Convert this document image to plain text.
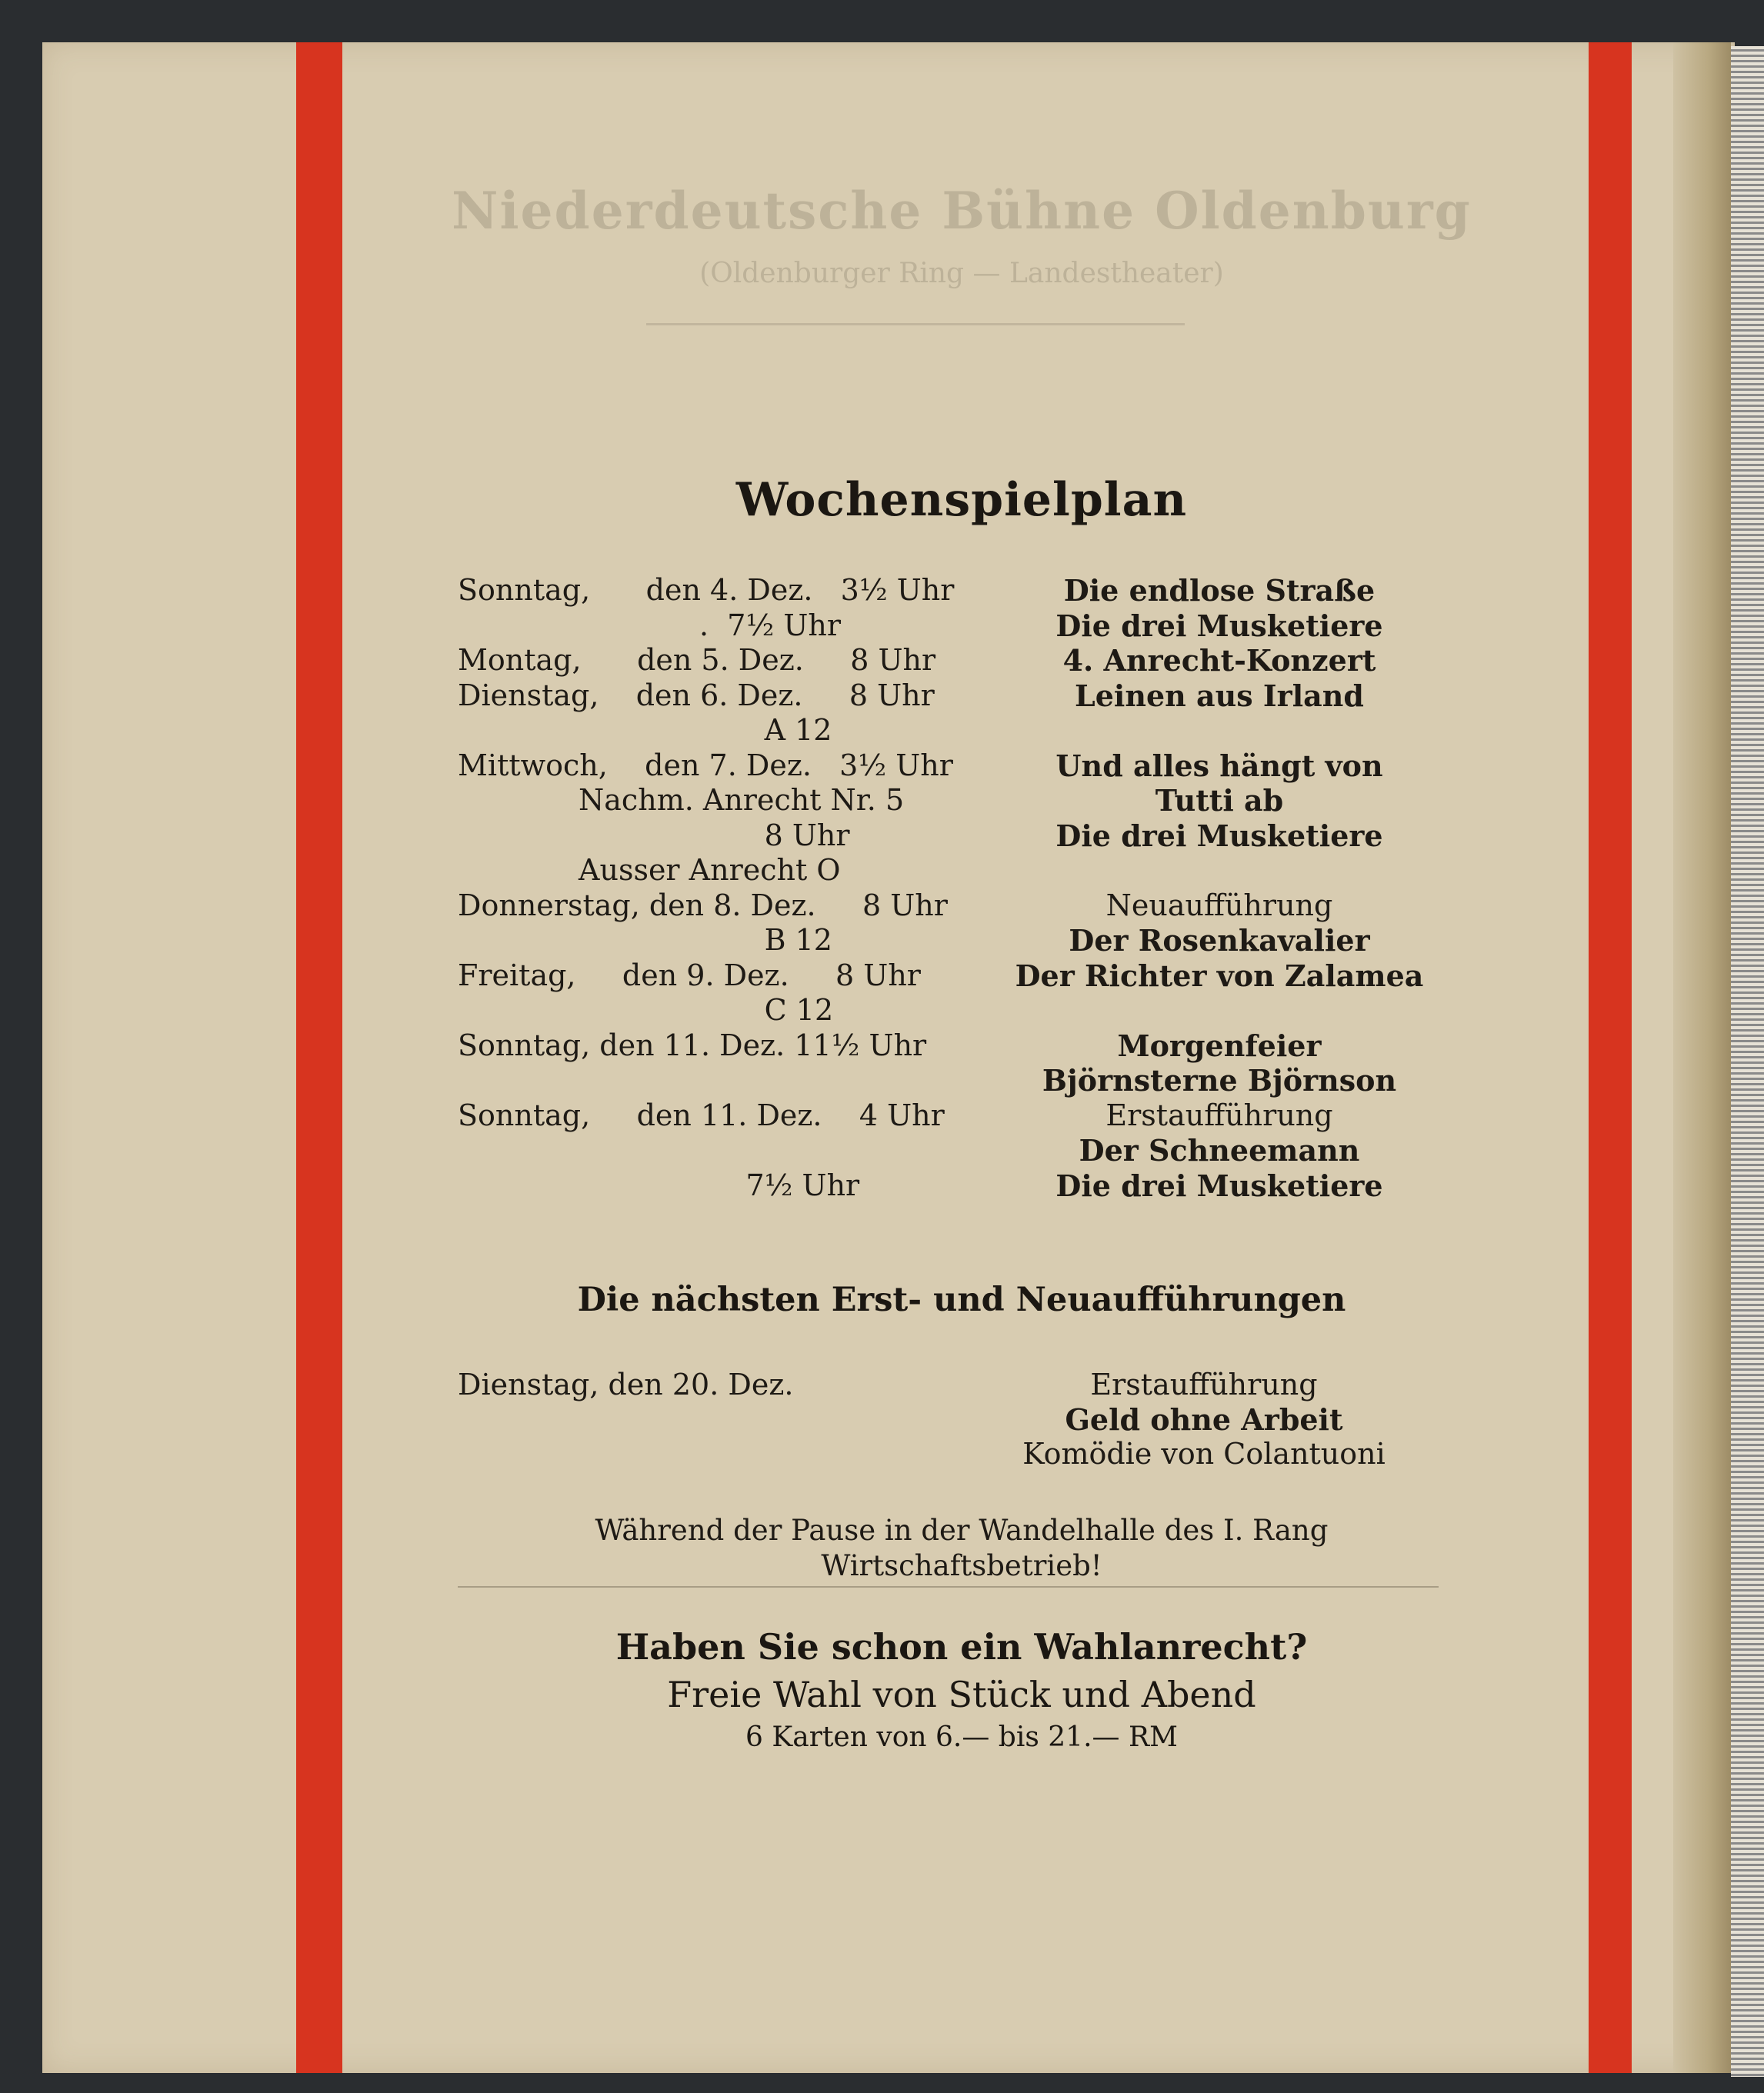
Niederdeutsche Bühne Oldenburg
(Oldenburger Ring — Landestheater)
Wochenspielplan
Sonntag,      den 4. Dez.   3½ Uhr	Die endlose Straße
.  7½ Uhr	Die drei Musketiere
Montag,      den 5. Dez.     8 Uhr	4. Anrecht-Konzert
Dienstag,    den 6. Dez.     8 Uhr	Leinen aus Irland
A 12
Mittwoch,    den 7. Dez.   3½ Uhr	Und alles hängt von
Nachm. Anrecht Nr. 5	Tutti ab
8 Uhr	Die drei Musketiere
Ausser Anrecht O
Donnerstag, den 8. Dez.     8 Uhr	Neuaufführung
B 12	Der Rosenkavalier
Freitag,     den 9. Dez.     8 Uhr	Der Richter von Zalamea
C 12
Sonntag, den 11. Dez. 11½ Uhr	Morgenfeier
Björnsterne Björnson
Sonntag,     den 11. Dez.    4 Uhr	Erstaufführung
Der Schneemann
7½ Uhr	Die drei Musketiere
Die nächsten Erst- und Neuaufführungen
Dienstag, den 20. Dez.	Erstaufführung
Geld ohne Arbeit
Komödie von Colantuoni
Während der Pause in der Wandelhalle des I. Rang
Wirtschaftsbetrieb!
Haben Sie schon ein Wahlanrecht?
Freie Wahl von Stück und Abend
6 Karten von 6.— bis 21.— RM
